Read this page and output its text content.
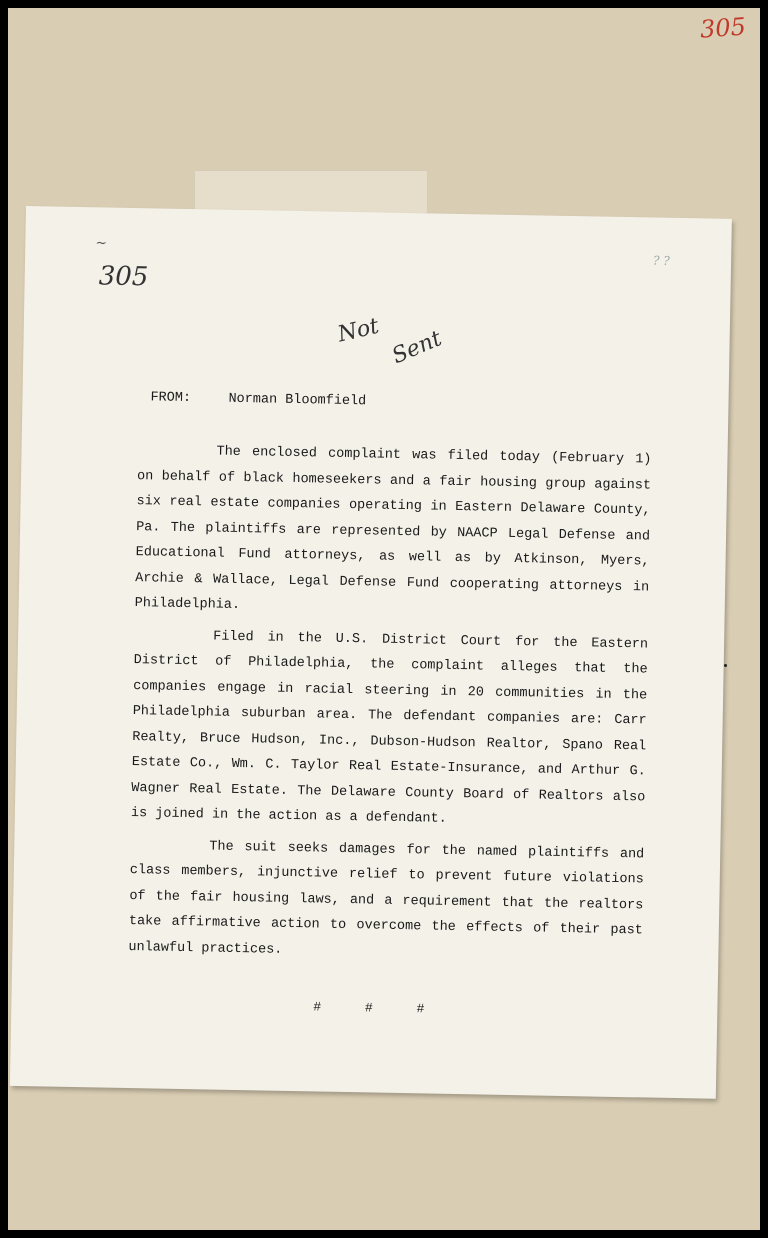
305
~
305
? ?
Not Sent
FROM:	Norman Bloomfield

The enclosed complaint was filed today (February 1) on behalf of black homeseekers and a fair housing group against six real estate companies operating in Eastern Delaware County, Pa. The plaintiffs are represented by NAACP Legal Defense and Educational Fund attorneys, as well as by Atkinson, Myers, Archie & Wallace, Legal Defense Fund cooperating attorneys in Philadelphia.

Filed in the U.S. District Court for the Eastern District of Philadelphia, the complaint alleges that the companies engage in racial steering in 20 communities in the Philadelphia suburban area. The defendant companies are: Carr Realty, Bruce Hudson, Inc., Dubson-Hudson Realtor, Spano Real Estate Co., Wm. C. Taylor Real Estate-Insurance, and Arthur G. Wagner Real Estate. The Delaware County Board of Realtors also is joined in the action as a defendant.

The suit seeks damages for the named plaintiffs and class members, injunctive relief to prevent future violations of the fair housing laws, and a requirement that the realtors take affirmative action to overcome the effects of their past unlawful practices.

# # #
